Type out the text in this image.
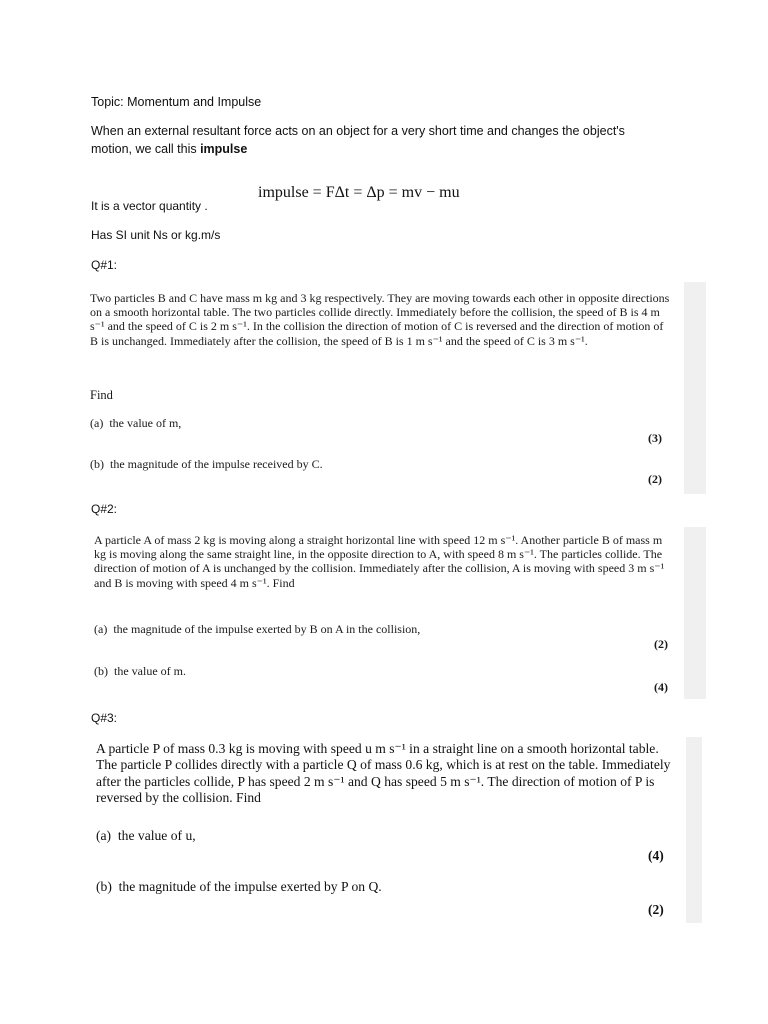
Topic: Momentum and Impulse
When an external resultant force acts on an object for a very short time and changes the object's motion, we call this impulse
impulse = FΔt = Δp = mv − mu
It is a vector quantity .
Has SI unit Ns or kg.m/s
Q#1:
Two particles B and C have mass m kg and 3 kg respectively. They are moving towards each other in opposite directions on a smooth horizontal table. The two particles collide directly. Immediately before the collision, the speed of B is 4 m s⁻¹ and the speed of C is 2 m s⁻¹. In the collision the direction of motion of C is reversed and the direction of motion of B is unchanged. Immediately after the collision, the speed of B is 1 m s⁻¹ and the speed of C is 3 m s⁻¹.
Find
(a) the value of m,
(3)
(b) the magnitude of the impulse received by C.
(2)
Q#2:
A particle A of mass 2 kg is moving along a straight horizontal line with speed 12 m s⁻¹. Another particle B of mass m kg is moving along the same straight line, in the opposite direction to A, with speed 8 m s⁻¹. The particles collide. The direction of motion of A is unchanged by the collision. Immediately after the collision, A is moving with speed 3 m s⁻¹ and B is moving with speed 4 m s⁻¹. Find
(a) the magnitude of the impulse exerted by B on A in the collision,
(2)
(b) the value of m.
(4)
Q#3:
A particle P of mass 0.3 kg is moving with speed u m s⁻¹ in a straight line on a smooth horizontal table. The particle P collides directly with a particle Q of mass 0.6 kg, which is at rest on the table. Immediately after the particles collide, P has speed 2 m s⁻¹ and Q has speed 5 m s⁻¹. The direction of motion of P is reversed by the collision. Find
(a) the value of u,
(4)
(b) the magnitude of the impulse exerted by P on Q.
(2)
